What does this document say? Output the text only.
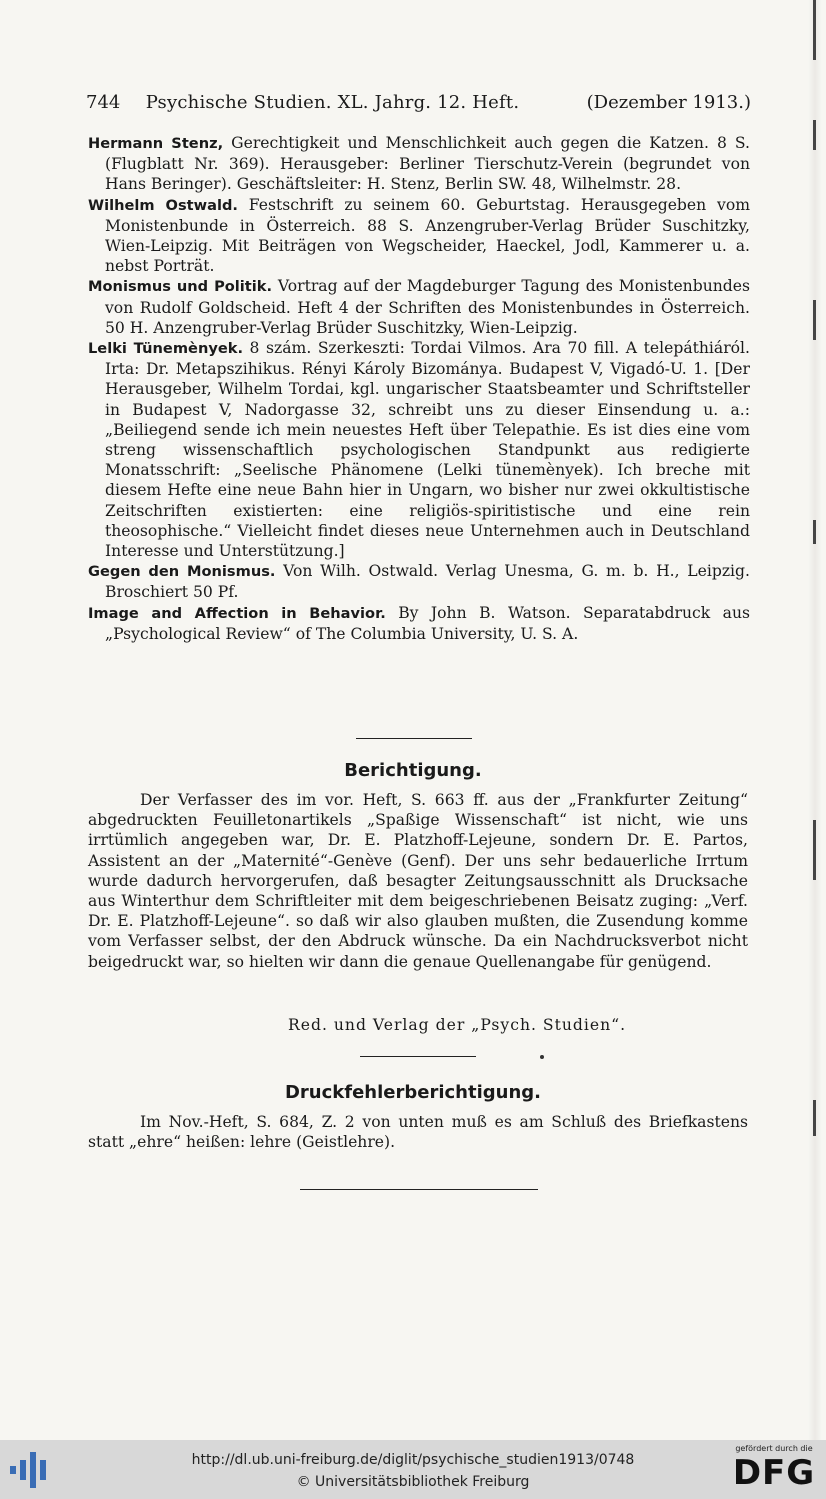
744 Psychische Studien. XL. Jahrg. 12. Heft.	(Dezember 1913.)
Hermann Stenz, Gerechtigkeit und Menschlichkeit auch gegen die Katzen. 8 S. (Flugblatt Nr. 369). Herausgeber: Berliner Tierschutz-Verein (begrundet von Hans Beringer). Geschäftsleiter: H. Stenz, Berlin SW. 48, Wilhelmstr. 28.
Wilhelm Ostwald. Festschrift zu seinem 60. Geburtstag. Herausgegeben vom Monistenbunde in Österreich. 88 S. Anzengruber-Verlag Brüder Suschitzky, Wien-Leipzig. Mit Beiträgen von Wegscheider, Haeckel, Jodl, Kammerer u. a. nebst Porträt.
Monismus und Politik. Vortrag auf der Magdeburger Tagung des Monistenbundes von Rudolf Goldscheid. Heft 4 der Schriften des Monistenbundes in Österreich. 50 H. Anzengruber-Verlag Brüder Suschitzky, Wien-Leipzig.
Lelki Tünemènyek. 8 szám. Szerkeszti: Tordai Vilmos. Ara 70 fill. A telepáthiáról. Irta: Dr. Metapszihikus. Rényi Károly Bizománya. Budapest V, Vigadó-U. 1. [Der Herausgeber, Wilhelm Tordai, kgl. ungarischer Staatsbeamter und Schriftsteller in Budapest V, Nadorgasse 32, schreibt uns zu dieser Einsendung u. a.: „Beiliegend sende ich mein neuestes Heft über Telepathie. Es ist dies eine vom streng wissenschaftlich psychologischen Standpunkt aus redigierte Monatsschrift: „Seelische Phänomene (Lelki tünemènyek). Ich breche mit diesem Hefte eine neue Bahn hier in Ungarn, wo bisher nur zwei okkultistische Zeitschriften existierten: eine religiös-spiritistische und eine rein theosophische.“ Vielleicht findet dieses neue Unternehmen auch in Deutschland Interesse und Unterstützung.]
Gegen den Monismus. Von Wilh. Ostwald. Verlag Unesma, G. m. b. H., Leipzig. Broschiert 50 Pf.
Image and Affection in Behavior. By John B. Watson. Separatabdruck aus „Psychological Review“ of The Columbia University, U. S. A.
Berichtigung.

Der Verfasser des im vor. Heft, S. 663 ff. aus der „Frankfurter Zeitung“ abgedruckten Feuilletonartikels „Spaßige Wissenschaft“ ist nicht, wie uns irrtümlich angegeben war, Dr. E. Platzhoff-Lejeune, sondern Dr. E. Partos, Assistent an der „Maternité“-Genève (Genf). Der uns sehr bedauerliche Irrtum wurde dadurch hervorgerufen, daß besagter Zeitungsausschnitt als Drucksache aus Winterthur dem Schriftleiter mit dem beigeschriebenen Beisatz zuging: „Verf. Dr. E. Platzhoff-Lejeune“. so daß wir also glauben mußten, die Zusendung komme vom Verfasser selbst, der den Abdruck wünsche. Da ein Nachdrucksverbot nicht beigedruckt war, so hielten wir dann die genaue Quellenangabe für genügend.

Red. und Verlag der „Psych. Studien“.
Druckfehlerberichtigung.

Im Nov.-Heft, S. 684, Z. 2 von unten muß es am Schluß des Briefkastens statt „ehre“ heißen: lehre (Geistlehre).

http://dl.ub.uni-freiburg.de/diglit/psychische_studien1913/0748
© Universitätsbibliothek Freiburg
gefördert durch die
DFG
